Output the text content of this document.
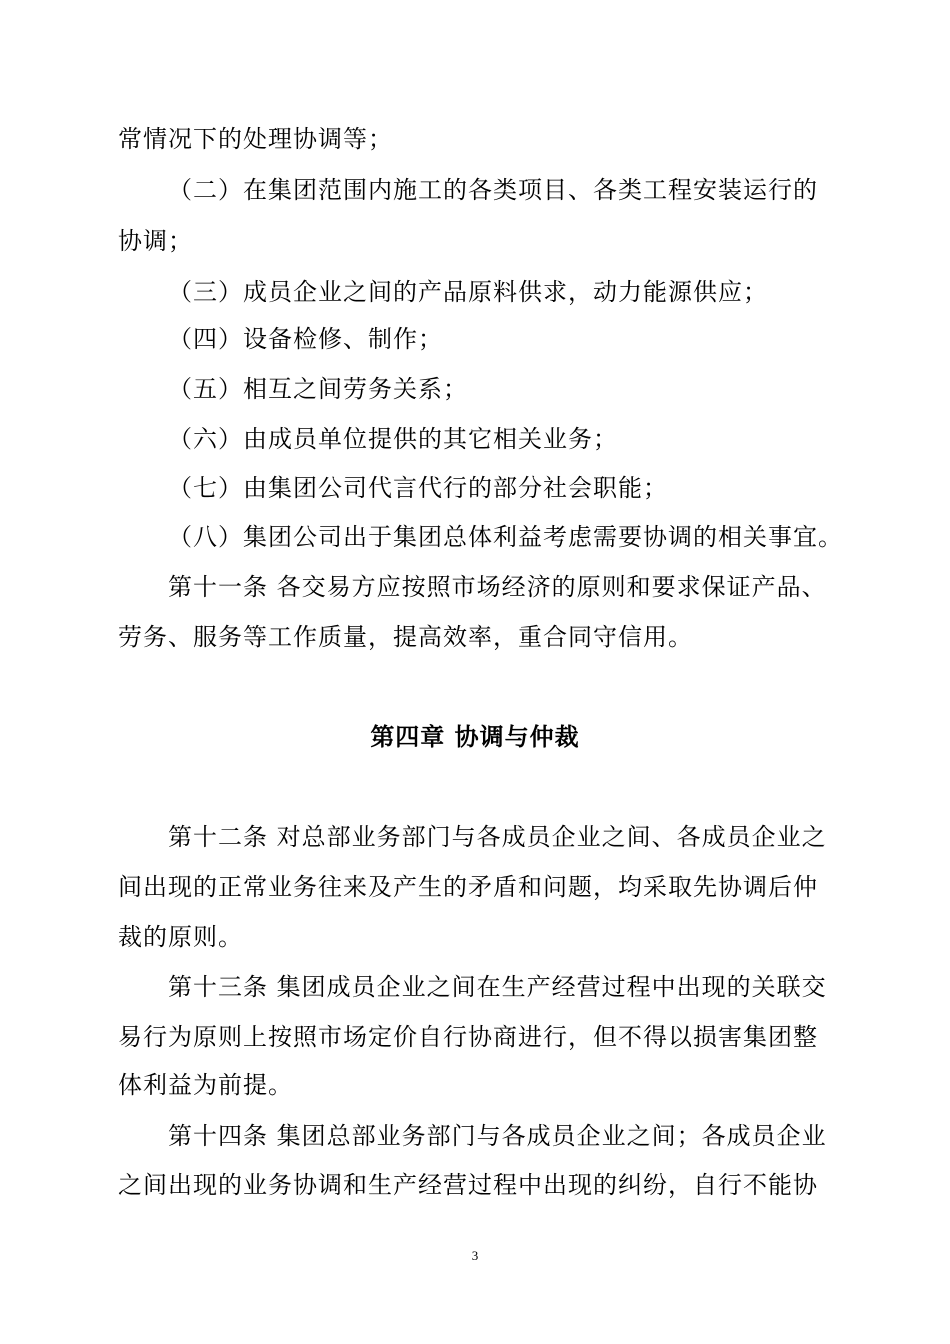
常情况下的处理协调等；
（二）在集团范围内施工的各类项目、各类工程安装运行的
协调；
（三）成员企业之间的产品原料供求，动力能源供应；
（四）设备检修、制作；
（五）相互之间劳务关系；
（六）由成员单位提供的其它相关业务；
（七）由集团公司代言代行的部分社会职能；
（八）集团公司出于集团总体利益考虑需要协调的相关事宜。
第十一条 各交易方应按照市场经济的原则和要求保证产品、
劳务、服务等工作质量，提高效率，重合同守信用。
第四章 协调与仲裁
第十二条 对总部业务部门与各成员企业之间、各成员企业之
间出现的正常业务往来及产生的矛盾和问题，均采取先协调后仲
裁的原则。
第十三条 集团成员企业之间在生产经营过程中出现的关联交
易行为原则上按照市场定价自行协商进行，但不得以损害集团整
体利益为前提。
第十四条 集团总部业务部门与各成员企业之间；各成员企业
之间出现的业务协调和生产经营过程中出现的纠纷，自行不能协
3
